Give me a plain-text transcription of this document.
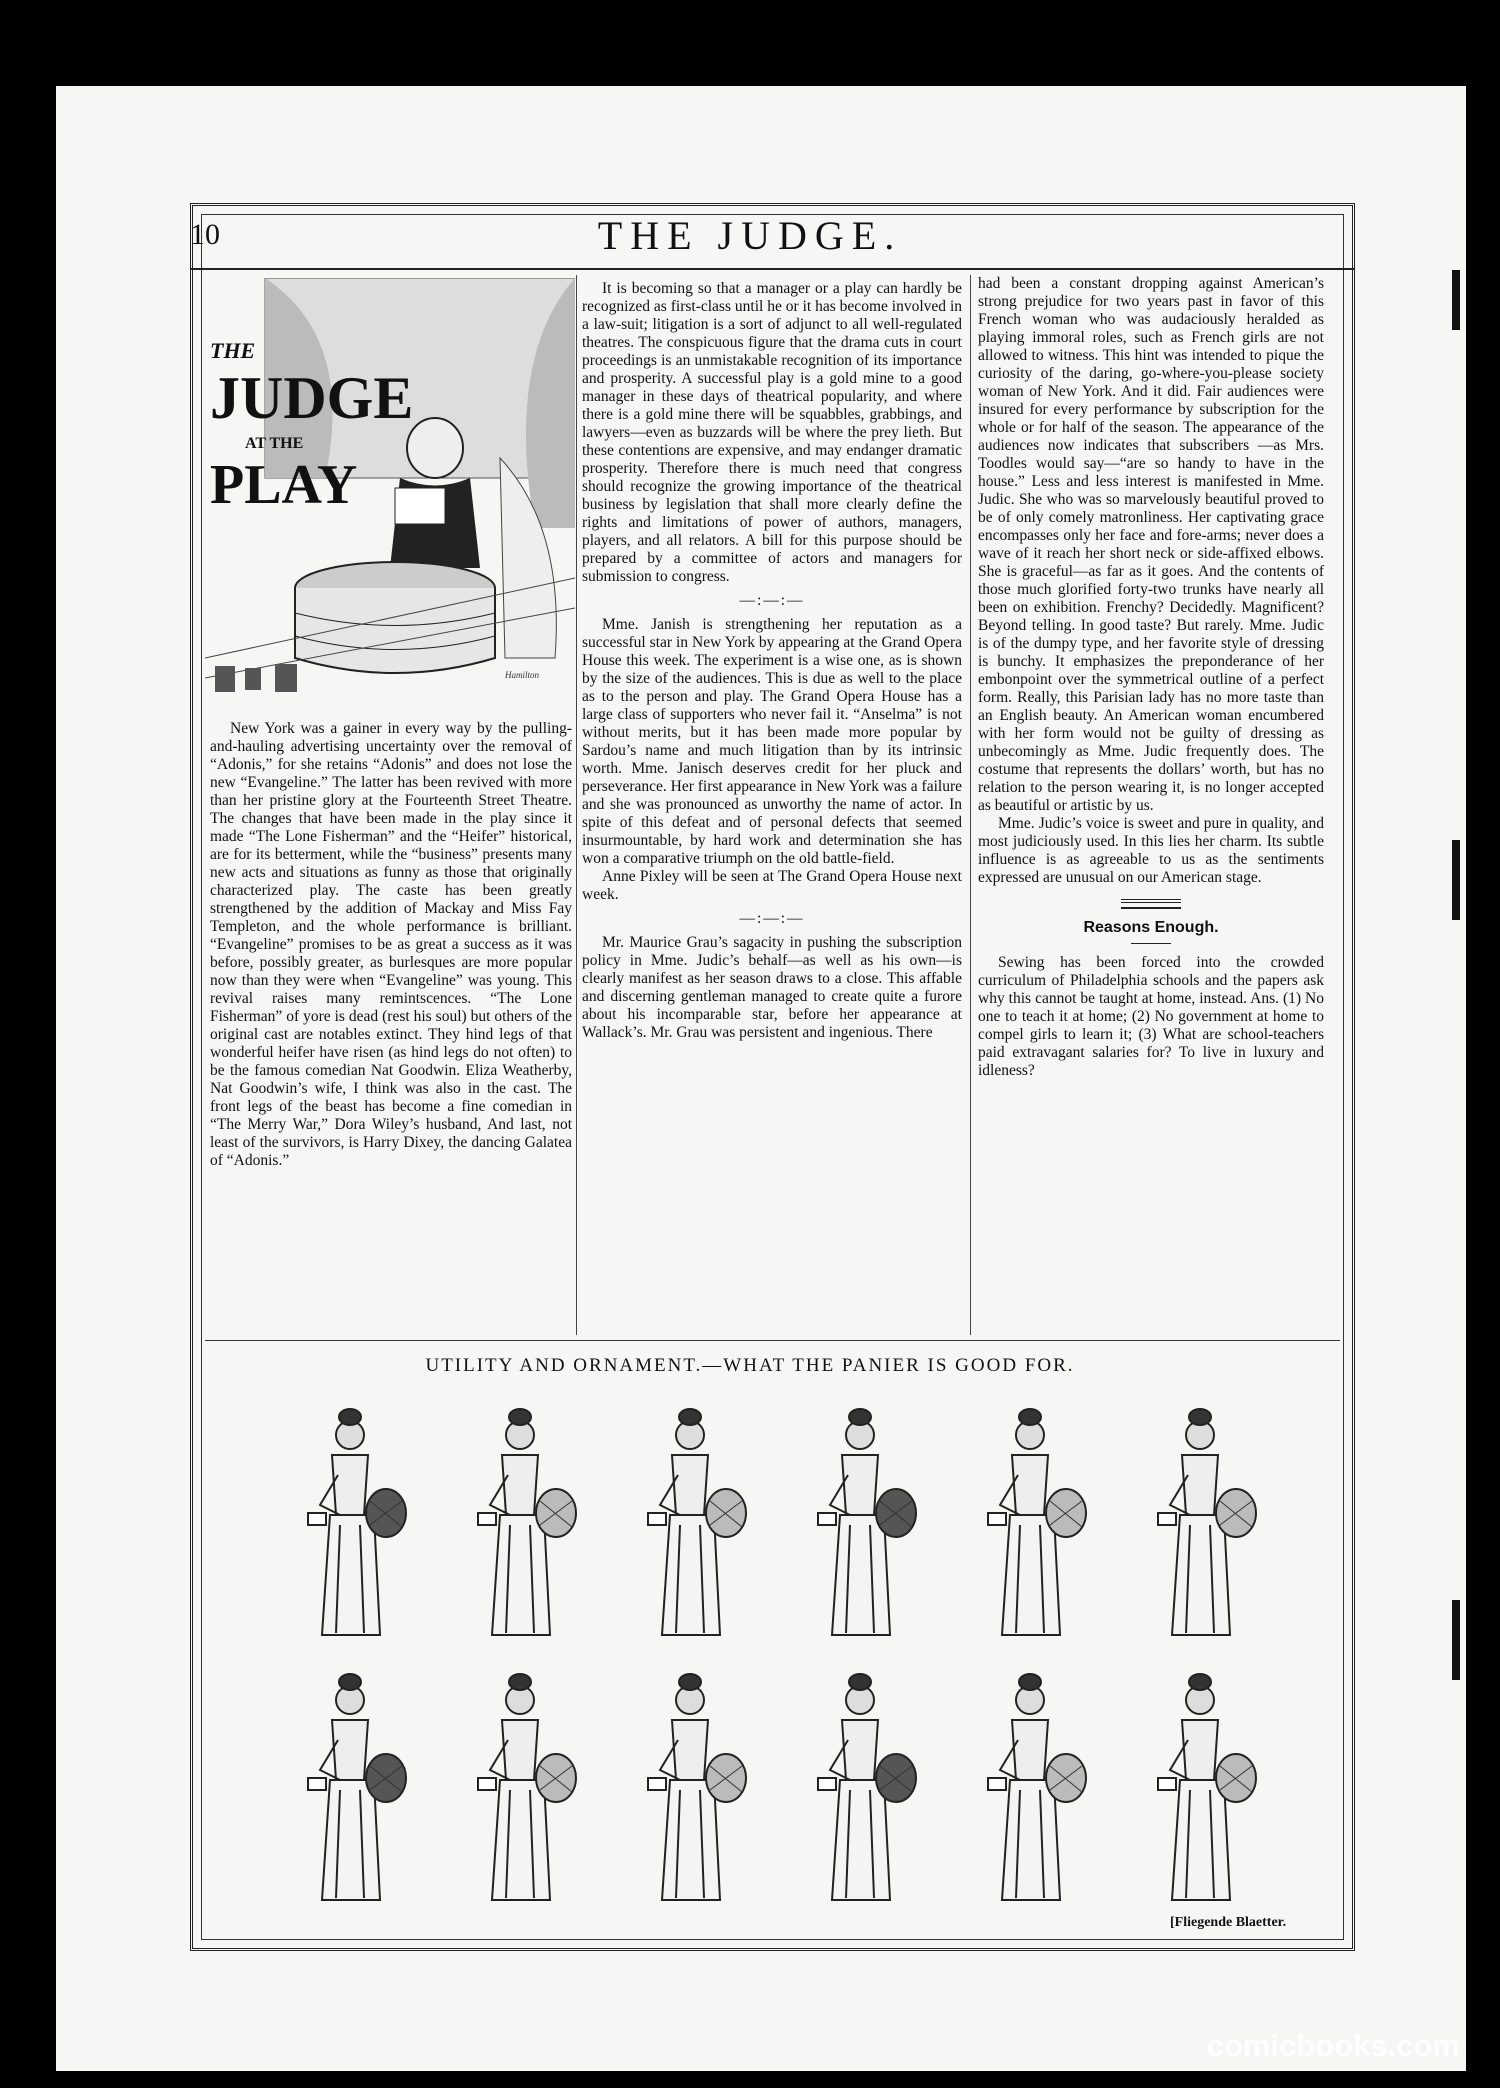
10	THE JUDGE.
THE
JUDGE
AT THE
PLAY
Hamilton

New York was a gainer in every way by the pulling-and-hauling advertising uncertainty over the removal of “Adonis,” for she retains “Adonis” and does not lose the new “Evangeline.” The latter has been revived with more than her pristine glory at the Fourteenth Street Theatre. The changes that have been made in the play since it made “The Lone Fisherman” and the “Heifer” historical, are for its betterment, while the “business” presents many new acts and situations as funny as those that originally characterized play. The caste has been greatly strengthened by the addition of Mackay and Miss Fay Templeton, and the whole performance is brilliant. “Evangeline” promises to be as great a success as it was before, possibly greater, as burlesques are more popular now than they were when “Evangeline” was young. This revival raises many remintscences. “The Lone Fisherman” of yore is dead (rest his soul) but others of the original cast are notables extinct. They hind legs of that wonderful heifer have risen (as hind legs do not often) to be the famous comedian Nat Goodwin. Eliza Weatherby, Nat Goodwin’s wife, I think was also in the cast. The front legs of the beast has become a fine comedian in “The Merry War,” Dora Wiley’s husband, And last, not least of the survivors, is Harry Dixey, the dancing Galatea of “Adonis.”

It is becoming so that a manager or a play can hardly be recognized as first-class until he or it has become involved in a law-suit; litigation is a sort of adjunct to all well-regulated theatres. The conspicuous figure that the drama cuts in court proceedings is an unmistakable recognition of its importance and prosperity. A successful play is a gold mine to a good manager in these days of theatrical popularity, and where there is a gold mine there will be squabbles, grabbings, and lawyers—even as buzzards will be where the prey lieth. But these contentions are expensive, and may endanger dramatic prosperity. Therefore there is much need that congress should recognize the growing importance of the theatrical business by legislation that shall more clearly define the rights and limitations of power of authors, managers, players, and all relators. A bill for this purpose should be prepared by a committee of actors and managers for submission to congress.

—:—:—

Mme. Janish is strengthening her reputation as a successful star in New York by appearing at the Grand Opera House this week. The experiment is a wise one, as is shown by the size of the audiences. This is due as well to the place as to the person and play. The Grand Opera House has a large class of supporters who never fail it. “Anselma” is not without merits, but it has been made more popular by Sardou’s name and much litigation than by its intrinsic worth. Mme. Janisch deserves credit for her pluck and perseverance. Her first appearance in New York was a failure and she was pronounced as unworthy the name of actor. In spite of this defeat and of personal defects that seemed insurmountable, by hard work and determination she has won a comparative triumph on the old battle-field.

Anne Pixley will be seen at The Grand Opera House next week.

—:—:—

Mr. Maurice Grau’s sagacity in pushing the subscription policy in Mme. Judic’s behalf—as well as his own—is clearly manifest as her season draws to a close. This affable and discerning gentleman managed to create quite a furore about his incomparable star, before her appearance at Wallack’s. Mr. Grau was persistent and ingenious. There

had been a constant dropping against American’s strong prejudice for two years past in favor of this French woman who was audaciously heralded as playing immoral roles, such as French girls are not allowed to witness. This hint was intended to pique the curiosity of the daring, go-where-you-please society woman of New York. And it did. Fair audiences were insured for every performance by subscription for the whole or for half of the season. The appearance of the audiences now indicates that subscribers —as Mrs. Toodles would say—“are so handy to have in the house.” Less and less interest is manifested in Mme. Judic. She who was so marvelously beautiful proved to be of only comely matronliness. Her captivating grace encompasses only her face and fore-arms; never does a wave of it reach her short neck or side-affixed elbows. She is graceful—as far as it goes. And the contents of those much glorified forty-two trunks have nearly all been on exhibition. Frenchy? Decidedly. Magnificent? Beyond telling. In good taste? But rarely. Mme. Judic is of the dumpy type, and her favorite style of dressing is bunchy. It emphasizes the preponderance of her embonpoint over the symmetrical outline of a perfect form. Really, this Parisian lady has no more taste than an English beauty. An American woman encumbered with her form would not be guilty of dressing as unbecomingly as Mme. Judic frequently does. The costume that represents the dollars’ worth, but has no relation to the person wearing it, is no longer accepted as beautiful or artistic by us.

Mme. Judic’s voice is sweet and pure in quality, and most judiciously used. In this lies her charm. Its subtle influence is as agreeable to us as the sentiments expressed are unusual on our American stage.

Reasons Enough.

Sewing has been forced into the crowded curriculum of Philadelphia schools and the papers ask why this cannot be taught at home, instead. Ans. (1) No one to teach it at home; (2) No government at home to compel girls to learn it; (3) What are school-teachers paid extravagant salaries for? To live in luxury and idleness?

UTILITY AND ORNAMENT.—WHAT THE PANIER IS GOOD FOR.
[Fliegende Blaetter.
comicbooks.com
